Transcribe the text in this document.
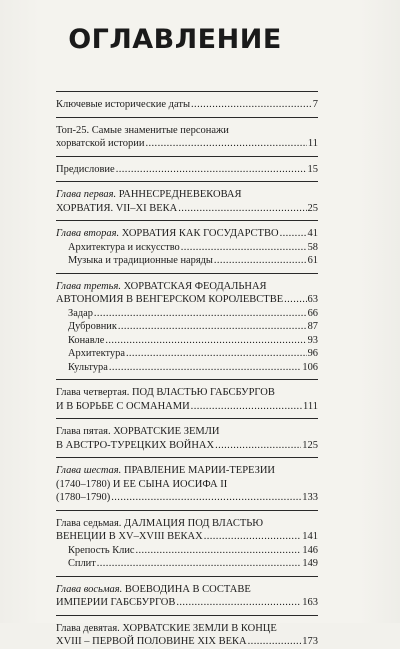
ОГЛАВЛЕНИЕ
Ключевые исторические даты .....	7
Топ-25. Самые знаменитые персонажи
хорватской истории .....	11
Предисловие .....	15
Глава первая. РАННЕСРЕДНЕВЕКОВАЯ
ХОРВАТИЯ. VII–XI ВЕКА .....	25
Глава вторая. ХОРВАТИЯ КАК ГОСУДАРСТВО .....	41
Архитектура и искусство .....	58
Музыка и традиционные наряды .....	61
Глава третья. ХОРВАТСКАЯ ФЕОДАЛЬНАЯ
АВТОНОМИЯ В ВЕНГЕРСКОМ КОРОЛЕВСТВЕ ..... 63
Задар .....	66
Дубровник .....	87
Конавле .....	93
Архитектура .....	96
Культура .....	106
Глава четвертая. ПОД ВЛАСТЬЮ ГАБСБУРГОВ
И В БОРЬБЕ С ОСМАНАМИ .....	111
Глава пятая. ХОРВАТСКИЕ ЗЕМЛИ
В АВСТРО-ТУРЕЦКИХ ВОЙНАХ .....	125
Глава шестая. ПРАВЛЕНИЕ МАРИИ-ТЕРЕЗИИ
(1740–1780) И ЕЕ СЫНА ИОСИФА II
(1780–1790) .....	133
Глава седьмая. ДАЛМАЦИЯ ПОД ВЛАСТЬЮ
ВЕНЕЦИИ В XV–XVIII ВЕКАХ .....	141
Крепость Клис .....	146
Сплит .....	149
Глава восьмая. ВОЕВОДИНА В СОСТАВЕ
ИМПЕРИИ ГАБСБУРГОВ .....	163
Глава девятая. ХОРВАТСКИЕ ЗЕМЛИ В КОНЦЕ
XVIII – ПЕРВОЙ ПОЛОВИНЕ XIX ВЕКА .....	173
